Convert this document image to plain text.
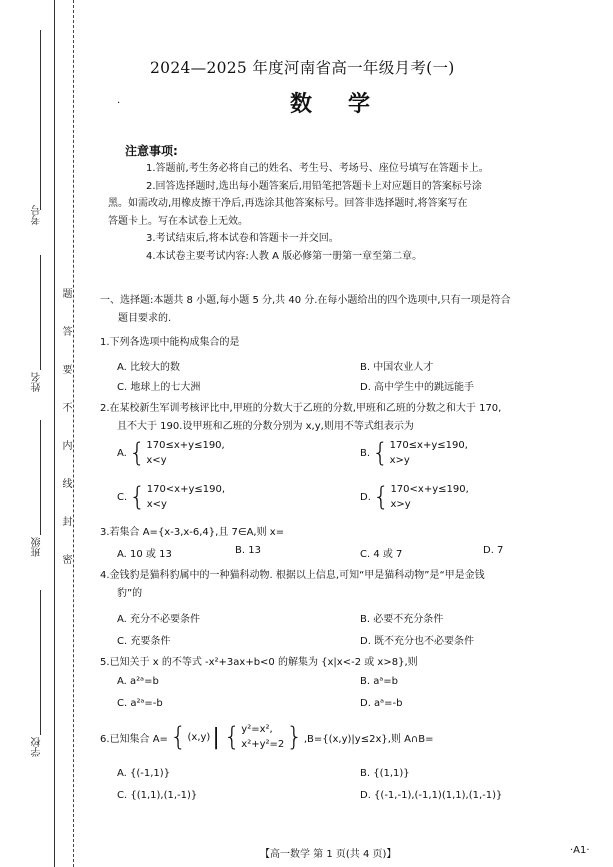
考号
姓名
班级
学校
题
答
要
不
内
线
封
密
2024—2025 年度河南省高一年级月考(一)
·	数学
注意事项:

1.答题前,考生务必将自己的姓名、考生号、考场号、座位号填写在答题卡上。

2.回答选择题时,选出每小题答案后,用铅笔把答题卡上对应题目的答案标号涂

黑。如需改动,用橡皮擦干净后,再选涂其他答案标号。回答非选择题时,将答案写在

答题卡上。写在本试卷上无效。

3.考试结束后,将本试卷和答题卡一并交回。

4.本试卷主要考试内容:人教 A 版必修第一册第一章至第二章。

一、选择题:本题共 8 小题,每小题 5 分,共 40 分.在每小题给出的四个选项中,只有一项是符合
题目要求的.
1.下列各选项中能构成集合的是
A. 比较大的数	B. 中国农业人才
C. 地球上的七大洲	D. 高中学生中的跳远能手
2.在某校新生军训考核评比中,甲班的分数大于乙班的分数,甲班和乙班的分数之和大于 170,
且不大于 190.设甲班和乙班的分数分别为 x,y,则用不等式组表示为
A. { 170≤x+y≤190,
x<y
B. { 170≤x+y≤190,
x>y
C. { 170<x+y≤190,
x<y
D. { 170<x+y≤190,
x>y
3.若集合 A={x-3,x-6,4},且 7∈A,则 x=
A. 10 或 13	B. 13	C. 4 或 7	D. 7
4.金钱豹是猫科豹属中的一种猫科动物. 根据以上信息,可知“甲是猫科动物”是“甲是金钱
豹”的
A. 充分不必要条件	B. 必要不充分条件
C. 充要条件	D. 既不充分也不必要条件
5.已知关于 x 的不等式 -x²+3ax+b<0 的解集为 {x|x<-2 或 x>8},则
A. a²ᵃ=b	B. aᵃ=b
C. a²ᵃ=-b	D. aᵃ=-b
6.已知集合 A= { (x,y) | { y²=x²,
x²+y²=2 } ,B={(x,y)|y≤2x},则 A∩B=
A. {(-1,1)}	B. {(1,1)}
C. {(1,1),(1,-1)}	D. {(-1,-1),(-1,1)(1,1),(1,-1)}
【高一数学 第 1 页(共 4 页)】	·A1·
